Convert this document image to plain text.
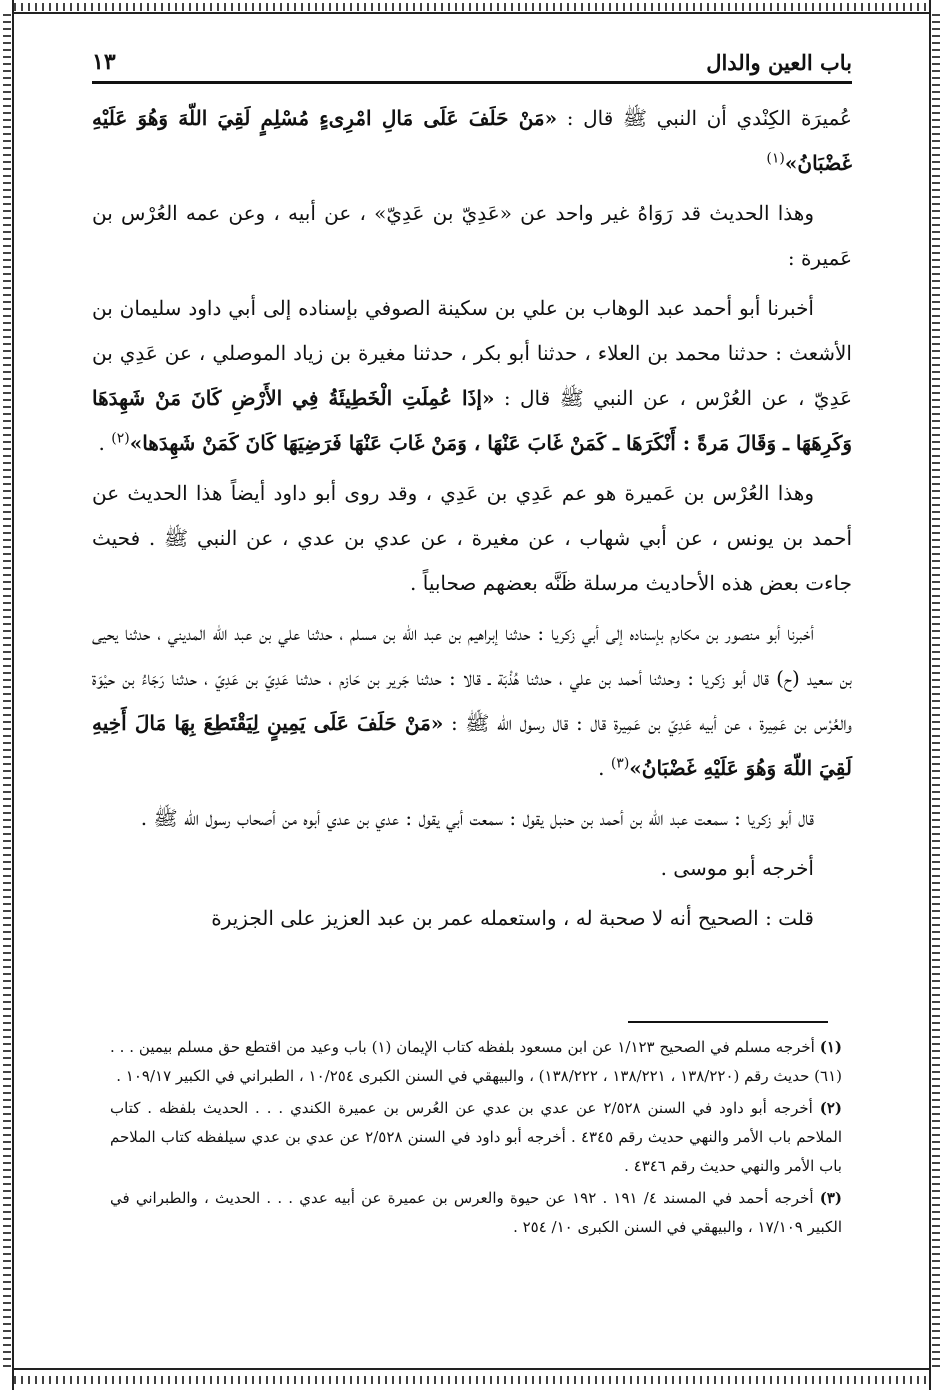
باب العين والدال
١٣

عُميرَة الكِنْدي أن النبي ﷺ قال : «مَنْ حَلَفَ عَلَى مَالِ امْرِىءٍ مُسْلِمٍ لَقِيَ اللّهَ وَهُوَ عَلَيْهِ غَضْبَانُ»$^{(١)}$

وهذا الحديث قد رَوَاهُ غير واحد عن «عَدِيّ بن عَدِيّ» ، عن أبيه ، وعن عمه العُرْس بن عَميرة :

أخبرنا أبو أحمد عبد الوهاب بن علي بن سكينة الصوفي بإسناده إلى أبي داود سليمان بن الأشعث : حدثنا محمد بن العلاء ، حدثنا أبو بكر ، حدثنا مغيرة بن زياد الموصلي ، عن عَدِي بن عَدِيّ ، عن العُرْس ، عن النبي ﷺ قال : «إذَا عُمِلَتِ الْخَطِيئَةُ فِي الأَرْضِ كَانَ مَنْ شَهِدَهَا وَكَرِهَهَا ـ وَقَالَ مَرةً : أَنْكَرَهَا ـ كَمَنْ غَابَ عَنْهَا ، وَمَنْ غَابَ عَنْهَا فَرَضِيَهَا كَانَ كَمَنْ شَهِدَها»$^{(٢)}$ .

وهذا العُرْس بن عَميرة هو عم عَدِي بن عَدِي ، وقد روى أبو داود أيضاً هذا الحديث عن أحمد بن يونس ، عن أبي شهاب ، عن مغيرة ، عن عدي بن عدي ، عن النبي ﷺ . فحيث جاءت بعض هذه الأحاديث مرسلة ظَنَّه بعضهم صحابياً .

أخبرنا أبو منصور بن مكارم بإسناده إلى أبي زكريا : حدثنا إبراهيم بن عبد اللّه بن مسلم ، حدثنا علي بن عبد اللّه المديني ، حدثنا يحيى بن سعيد (ح) قال أبو زكريا : وحدثنا أحمد بن علي ، حدثنا هُذْبَة ـ قالا : حدثنا جَرير بن حَازم ، حدثنا عَدِيّ بن عَدِيّ ، حدثنا رَجَاءُ بن حيْوَة والعُرْس بن عَمِيرة ، عن أبيه عَدِيّ بن عَمِيرة قال : قال رسول الله ﷺ : «مَنْ حَلَفَ عَلَى يَمِينٍ لِيَقْتَطِعَ بِهَا مَالَ أَخِيهِ لَقِيَ اللّهَ وَهُوَ عَلَيْهِ غَضْبَانُ»$^{(٣)}$ .

قال أبو زكريا : سمعت عبد اللّه بن أحمد بن حنبل يقول : سمعت أبي يقول : عدي بن عدي أبوه من أصحاب رسول الله ﷺ .

أخرجه أبو موسى .

قلت : الصحيح أنه لا صحبة له ، واستعمله عمر بن عبد العزيز على الجزيرة

(١) أخرجه مسلم في الصحيح ١/١٢٣ عن ابن مسعود بلفظه كتاب الإيمان (١) باب وعيد من اقتطع حق مسلم بيمين . . . (٦١) حديث رقم (١٣٨/٢٢٠ ، ١٣٨/٢٢١ ، ١٣٨/٢٢٢) ، والبيهقي في السنن الكبرى ١٠/٢٥٤ ، الطبراني في الكبير ١٠٩/١٧ .
(٢) أخرجه أبو داود في السنن ٢/٥٢٨ عن عدي بن عدي عن العُرس بن عميرة الكندي . . . الحديث بلفظه . كتاب الملاحم باب الأمر والنهي حديث رقم ٤٣٤٥ . أخرجه أبو داود في السنن ٢/٥٢٨ عن عدي بن عدي سيلفظه كتاب الملاحم باب الأمر والنهي حديث رقم ٤٣٤٦ .
(٣) أخرجه أحمد في المسند ٤/ ١٩١ . ١٩٢ عن حيوة والعرس بن عميرة عن أبيه عدي . . . الحديث ، والطبراني في الكبير ١٧/١٠٩ ، والبيهقي في السنن الكبرى ١٠/ ٢٥٤ .
